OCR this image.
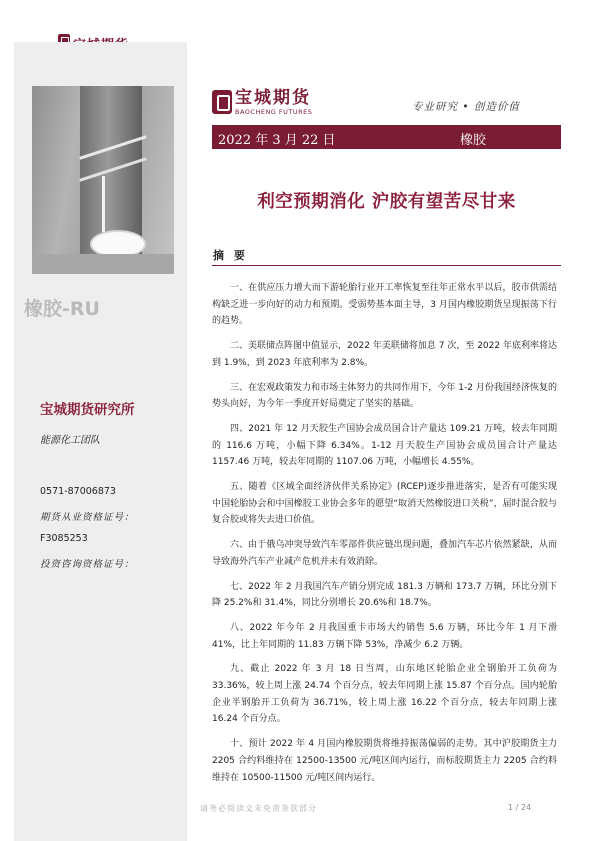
橡胶-RU
宝城期货研究所
能源化工团队
0571-87006873
期货从业资格证号：
F3085253
投资咨询资格证号：
宝城期货
BAOCHENG FUTURES	专业研究 • 创造价值
2022 年 3 月 22 日	橡胶
利空预期消化 沪胶有望苦尽甘来
摘 要

一、在供应压力增大而下游轮胎行业开工率恢复至往年正常水平以后，胶市供需结构缺乏进一步向好的动力和预期。受弱势基本面主导，3 月国内橡胶期货呈现振荡下行的趋势。

二、美联储点阵图中值显示，2022 年美联储将加息 7 次，至 2022 年底利率将达到 1.9%，到 2023 年底利率为 2.8%。

三、在宏观政策发力和市场主体努力的共同作用下，今年 1-2 月份我国经济恢复的势头向好，为今年一季度开好局奠定了坚实的基础。

四、2021 年 12 月天胶生产国协会成员国合计产量达 109.21 万吨，较去年同期的 116.6 万吨，小幅下降 6.34%。1-12 月天胶生产国协会成员国合计产量达 1157.46 万吨，较去年同期的 1107.06 万吨，小幅增长 4.55%。

五、随着《区域全面经济伙伴关系协定》(RCEP)逐步推进落实，是否有可能实现中国轮胎协会和中国橡胶工业协会多年的愿望“取消天然橡胶进口关税”，届时混合胶与复合胶或将失去进口价值。

六、由于俄乌冲突导致汽车零部件供应链出现问题，叠加汽车芯片依然紧缺，从而导致海外汽车产业减产危机并未有效消除。

七、2022 年 2 月我国汽车产销分别完成 181.3 万辆和 173.7 万辆，环比分别下降 25.2%和 31.4%，同比分别增长 20.6%和 18.7%。

八、2022 年今年 2 月我国重卡市场大约销售 5.6 万辆，环比今年 1 月下滑 41%，比上年同期的 11.83 万辆下降 53%，净减少 6.2 万辆。

九、截止 2022 年 3 月 18 日当周，山东地区轮胎企业全钢胎开工负荷为 33.36%，较上周上涨 24.74 个百分点，较去年同期上涨 15.87 个百分点。国内轮胎企业半钢胎开工负荷为 36.71%，较上周上涨 16.22 个百分点，较去年同期上涨 16.24 个百分点。

十、预计 2022 年 4 月国内橡胶期货将维持振荡偏弱的走势。其中沪胶期货主力 2205 合约料维持在 12500-13500 元/吨区间内运行，而标胶期货主力 2205 合约料维持在 10500-11500 元/吨区间内运行。

请务必阅读文末免责条款部分	1 / 24
